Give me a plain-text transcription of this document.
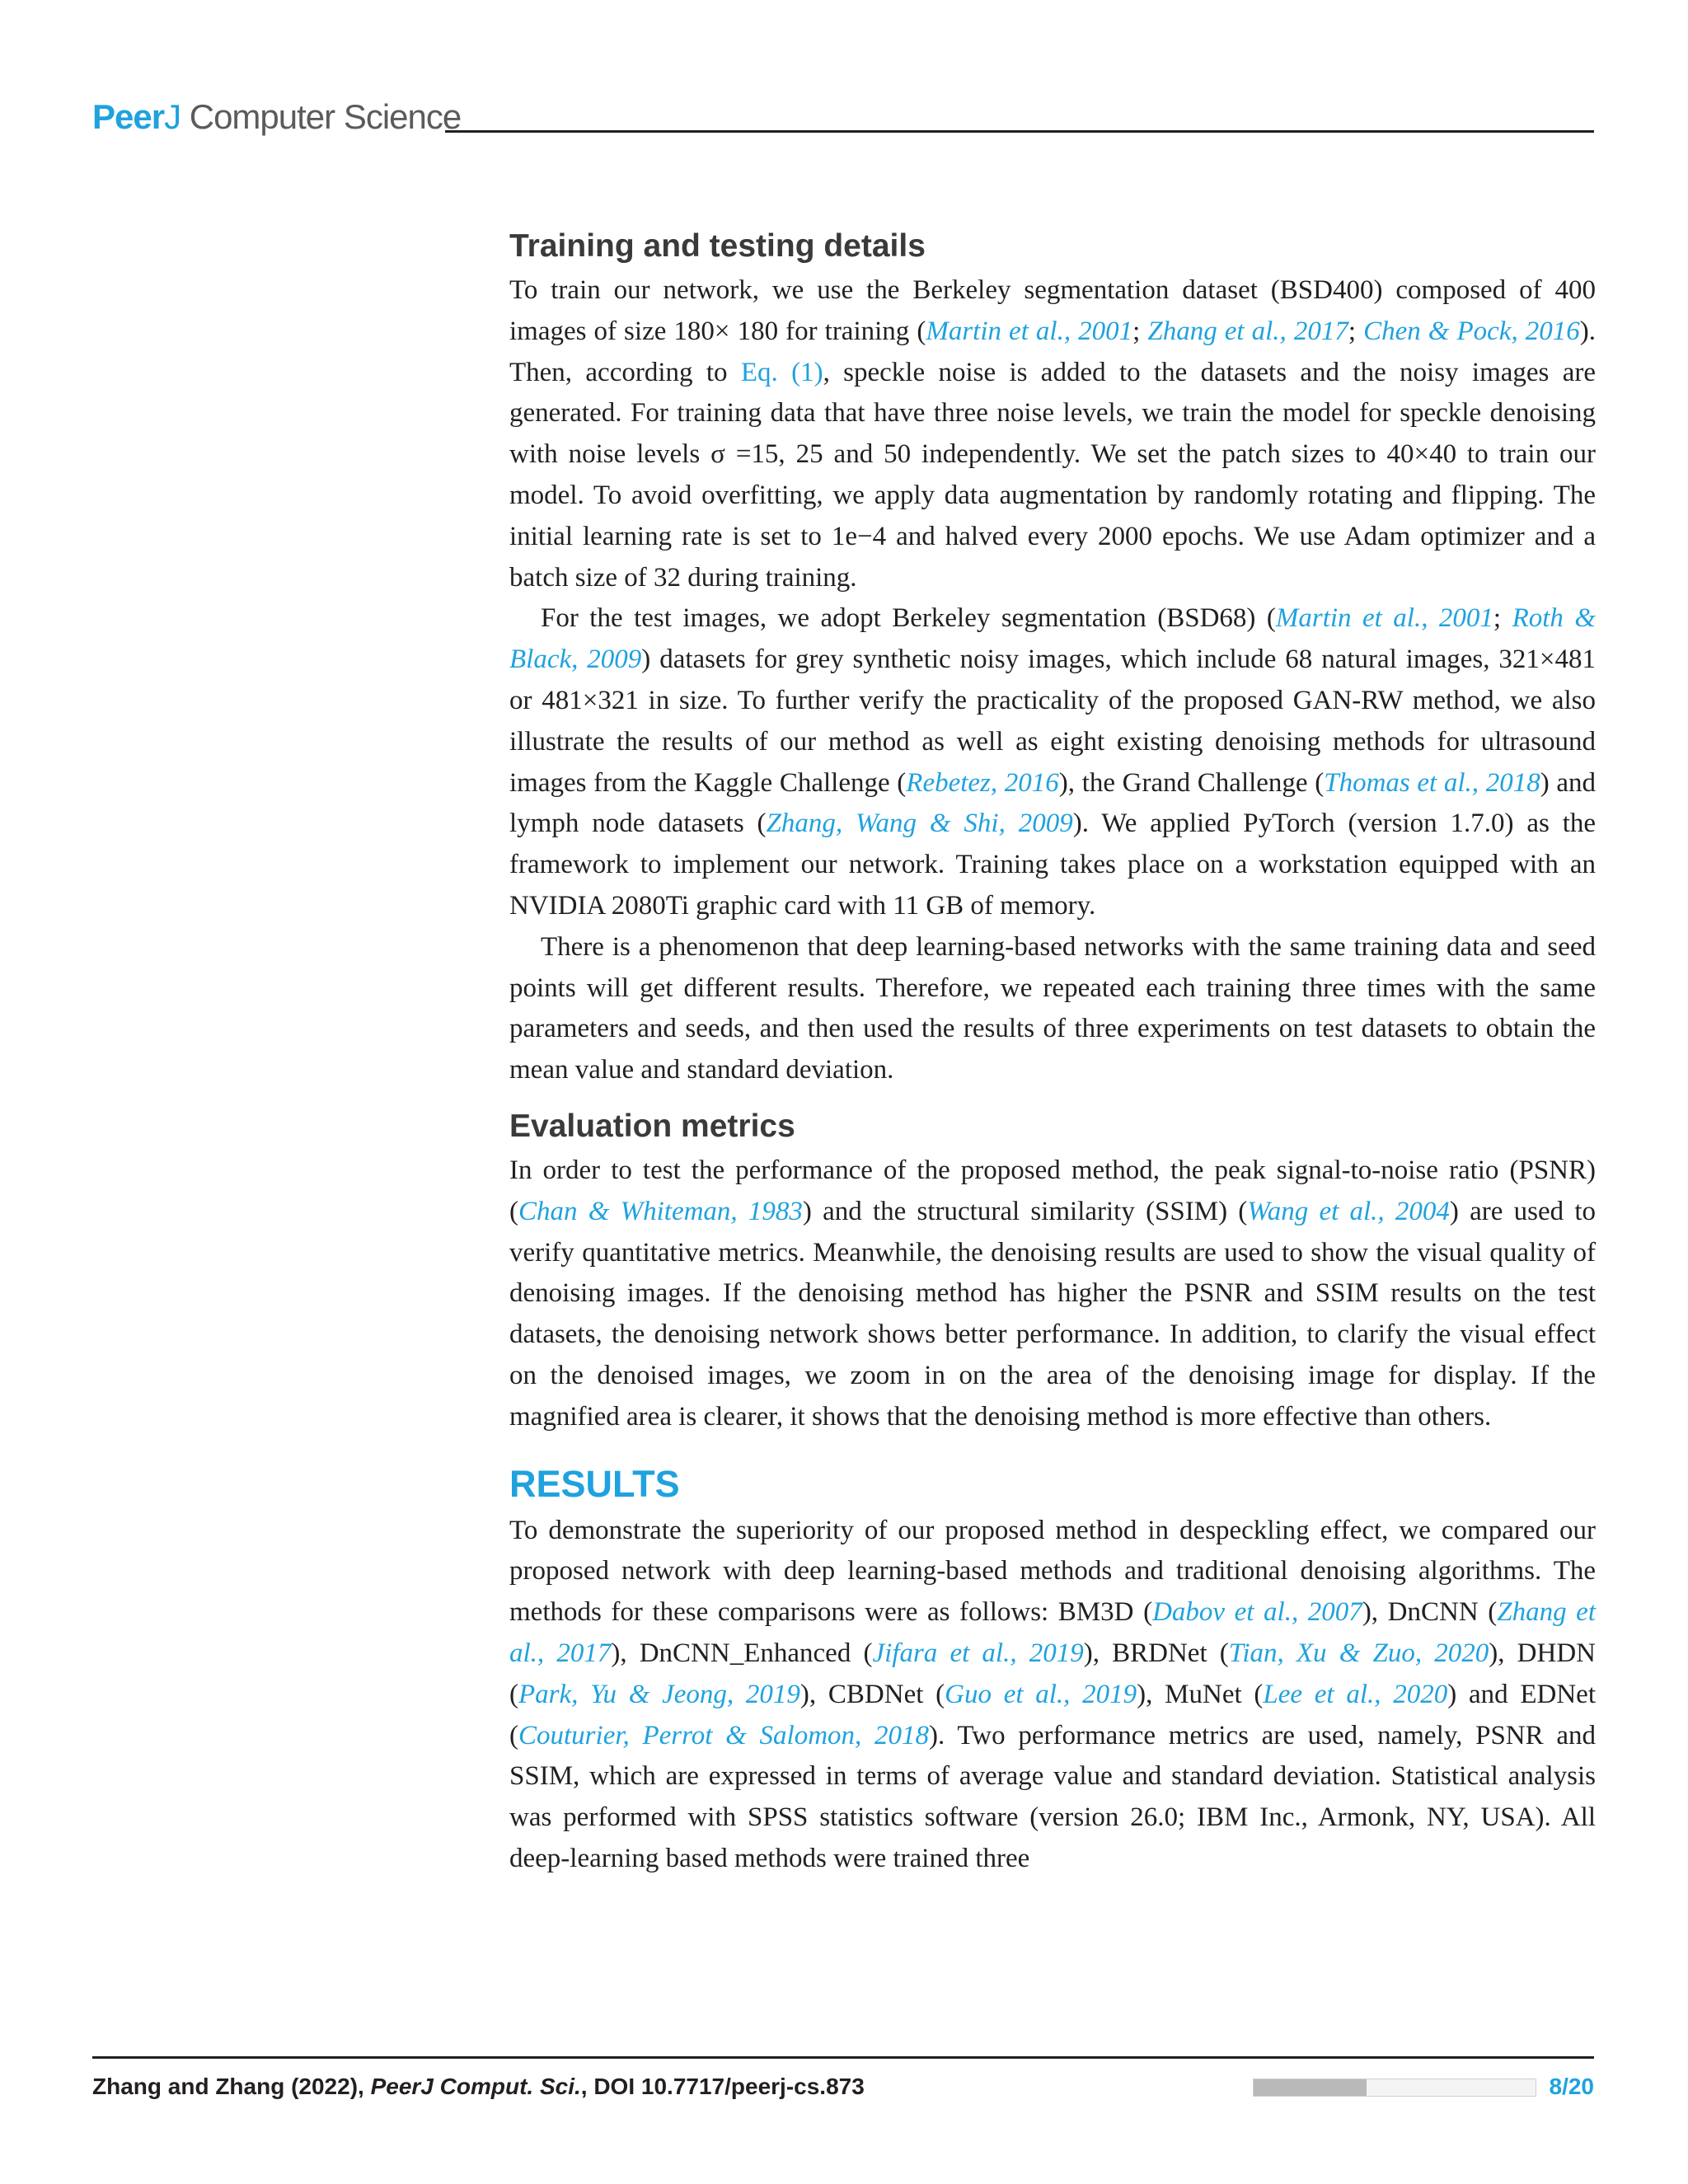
PeerJ Computer Science
Training and testing details

To train our network, we use the Berkeley segmentation dataset (BSD400) composed of 400 images of size 180× 180 for training (Martin et al., 2001; Zhang et al., 2017; Chen & Pock, 2016). Then, according to Eq. (1), speckle noise is added to the datasets and the noisy images are generated. For training data that have three noise levels, we train the model for speckle denoising with noise levels σ =15, 25 and 50 independently. We set the patch sizes to 40×40 to train our model. To avoid overfitting, we apply data augmentation by randomly rotating and flipping. The initial learning rate is set to 1e−4 and halved every 2000 epochs. We use Adam optimizer and a batch size of 32 during training.

For the test images, we adopt Berkeley segmentation (BSD68) (Martin et al., 2001; Roth & Black, 2009) datasets for grey synthetic noisy images, which include 68 natural images, 321×481 or 481×321 in size. To further verify the practicality of the proposed GAN-RW method, we also illustrate the results of our method as well as eight existing denoising methods for ultrasound images from the Kaggle Challenge (Rebetez, 2016), the Grand Challenge (Thomas et al., 2018) and lymph node datasets (Zhang, Wang & Shi, 2009). We applied PyTorch (version 1.7.0) as the framework to implement our network. Training takes place on a workstation equipped with an NVIDIA 2080Ti graphic card with 11 GB of memory.

There is a phenomenon that deep learning-based networks with the same training data and seed points will get different results. Therefore, we repeated each training three times with the same parameters and seeds, and then used the results of three experiments on test datasets to obtain the mean value and standard deviation.

Evaluation metrics

In order to test the performance of the proposed method, the peak signal-to-noise ratio (PSNR) (Chan & Whiteman, 1983) and the structural similarity (SSIM) (Wang et al., 2004) are used to verify quantitative metrics. Meanwhile, the denoising results are used to show the visual quality of denoising images. If the denoising method has higher the PSNR and SSIM results on the test datasets, the denoising network shows better performance. In addition, to clarify the visual effect on the denoised images, we zoom in on the area of the denoising image for display. If the magnified area is clearer, it shows that the denoising method is more effective than others.

RESULTS

To demonstrate the superiority of our proposed method in despeckling effect, we compared our proposed network with deep learning-based methods and traditional denoising algorithms. The methods for these comparisons were as follows: BM3D (Dabov et al., 2007), DnCNN (Zhang et al., 2017), DnCNN_Enhanced (Jifara et al., 2019), BRDNet (Tian, Xu & Zuo, 2020), DHDN (Park, Yu & Jeong, 2019), CBDNet (Guo et al., 2019), MuNet (Lee et al., 2020) and EDNet (Couturier, Perrot & Salomon, 2018). Two performance metrics are used, namely, PSNR and SSIM, which are expressed in terms of average value and standard deviation. Statistical analysis was performed with SPSS statistics software (version 26.0; IBM Inc., Armonk, NY, USA). All deep-learning based methods were trained three

Zhang and Zhang (2022), PeerJ Comput. Sci., DOI 10.7717/peerj-cs.873	8/20
